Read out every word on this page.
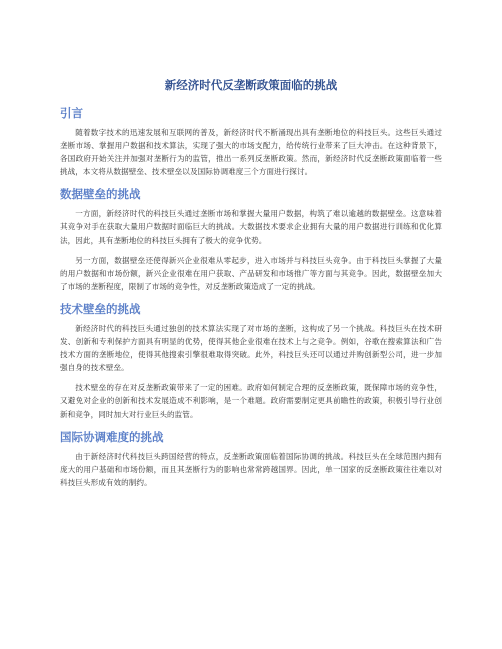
新经济时代反垄断政策面临的挑战
引言

随着数字技术的迅速发展和互联网的普及，新经济时代不断涌现出具有垄断地位的科技巨头。这些巨头通过垄断市场、掌握用户数据和技术算法，实现了强大的市场支配力，给传统行业带来了巨大冲击。在这种背景下，各国政府开始关注并加强对垄断行为的监管，推出一系列反垄断政策。然而，新经济时代反垄断政策面临着一些挑战，本文将从数据壁垒、技术壁垒以及国际协调难度三个方面进行探讨。

数据壁垒的挑战

一方面，新经济时代的科技巨头通过垄断市场和掌握大量用户数据，构筑了难以逾越的数据壁垒。这意味着其竞争对手在获取大量用户数据时面临巨大的挑战。大数据技术要求企业拥有大量的用户数据进行训练和优化算法，因此，具有垄断地位的科技巨头拥有了极大的竞争优势。

另一方面，数据壁垒还使得新兴企业很难从零起步，进入市场并与科技巨头竞争。由于科技巨头掌握了大量的用户数据和市场份额，新兴企业很难在用户获取、产品研发和市场推广等方面与其竞争。因此，数据壁垒加大了市场的垄断程度，限制了市场的竞争性，对反垄断政策造成了一定的挑战。

技术壁垒的挑战

新经济时代的科技巨头通过独创的技术算法实现了对市场的垄断，这构成了另一个挑战。科技巨头在技术研发、创新和专利保护方面具有明显的优势，使得其他企业很难在技术上与之竞争。例如，谷歌在搜索算法和广告技术方面的垄断地位，使得其他搜索引擎很难取得突破。此外，科技巨头还可以通过并购创新型公司，进一步加强自身的技术壁垒。

技术壁垒的存在对反垄断政策带来了一定的困难。政府如何制定合理的反垄断政策，既保障市场的竞争性，又避免对企业的创新和技术发展造成不利影响，是一个难题。政府需要制定更具前瞻性的政策，积极引导行业创新和竞争，同时加大对行业巨头的监管。

国际协调难度的挑战

由于新经济时代科技巨头跨国经营的特点，反垄断政策面临着国际协调的挑战。科技巨头在全球范围内拥有庞大的用户基础和市场份额，而且其垄断行为的影响也常常跨越国界。因此，单一国家的反垄断政策往往难以对科技巨头形成有效的制约。
